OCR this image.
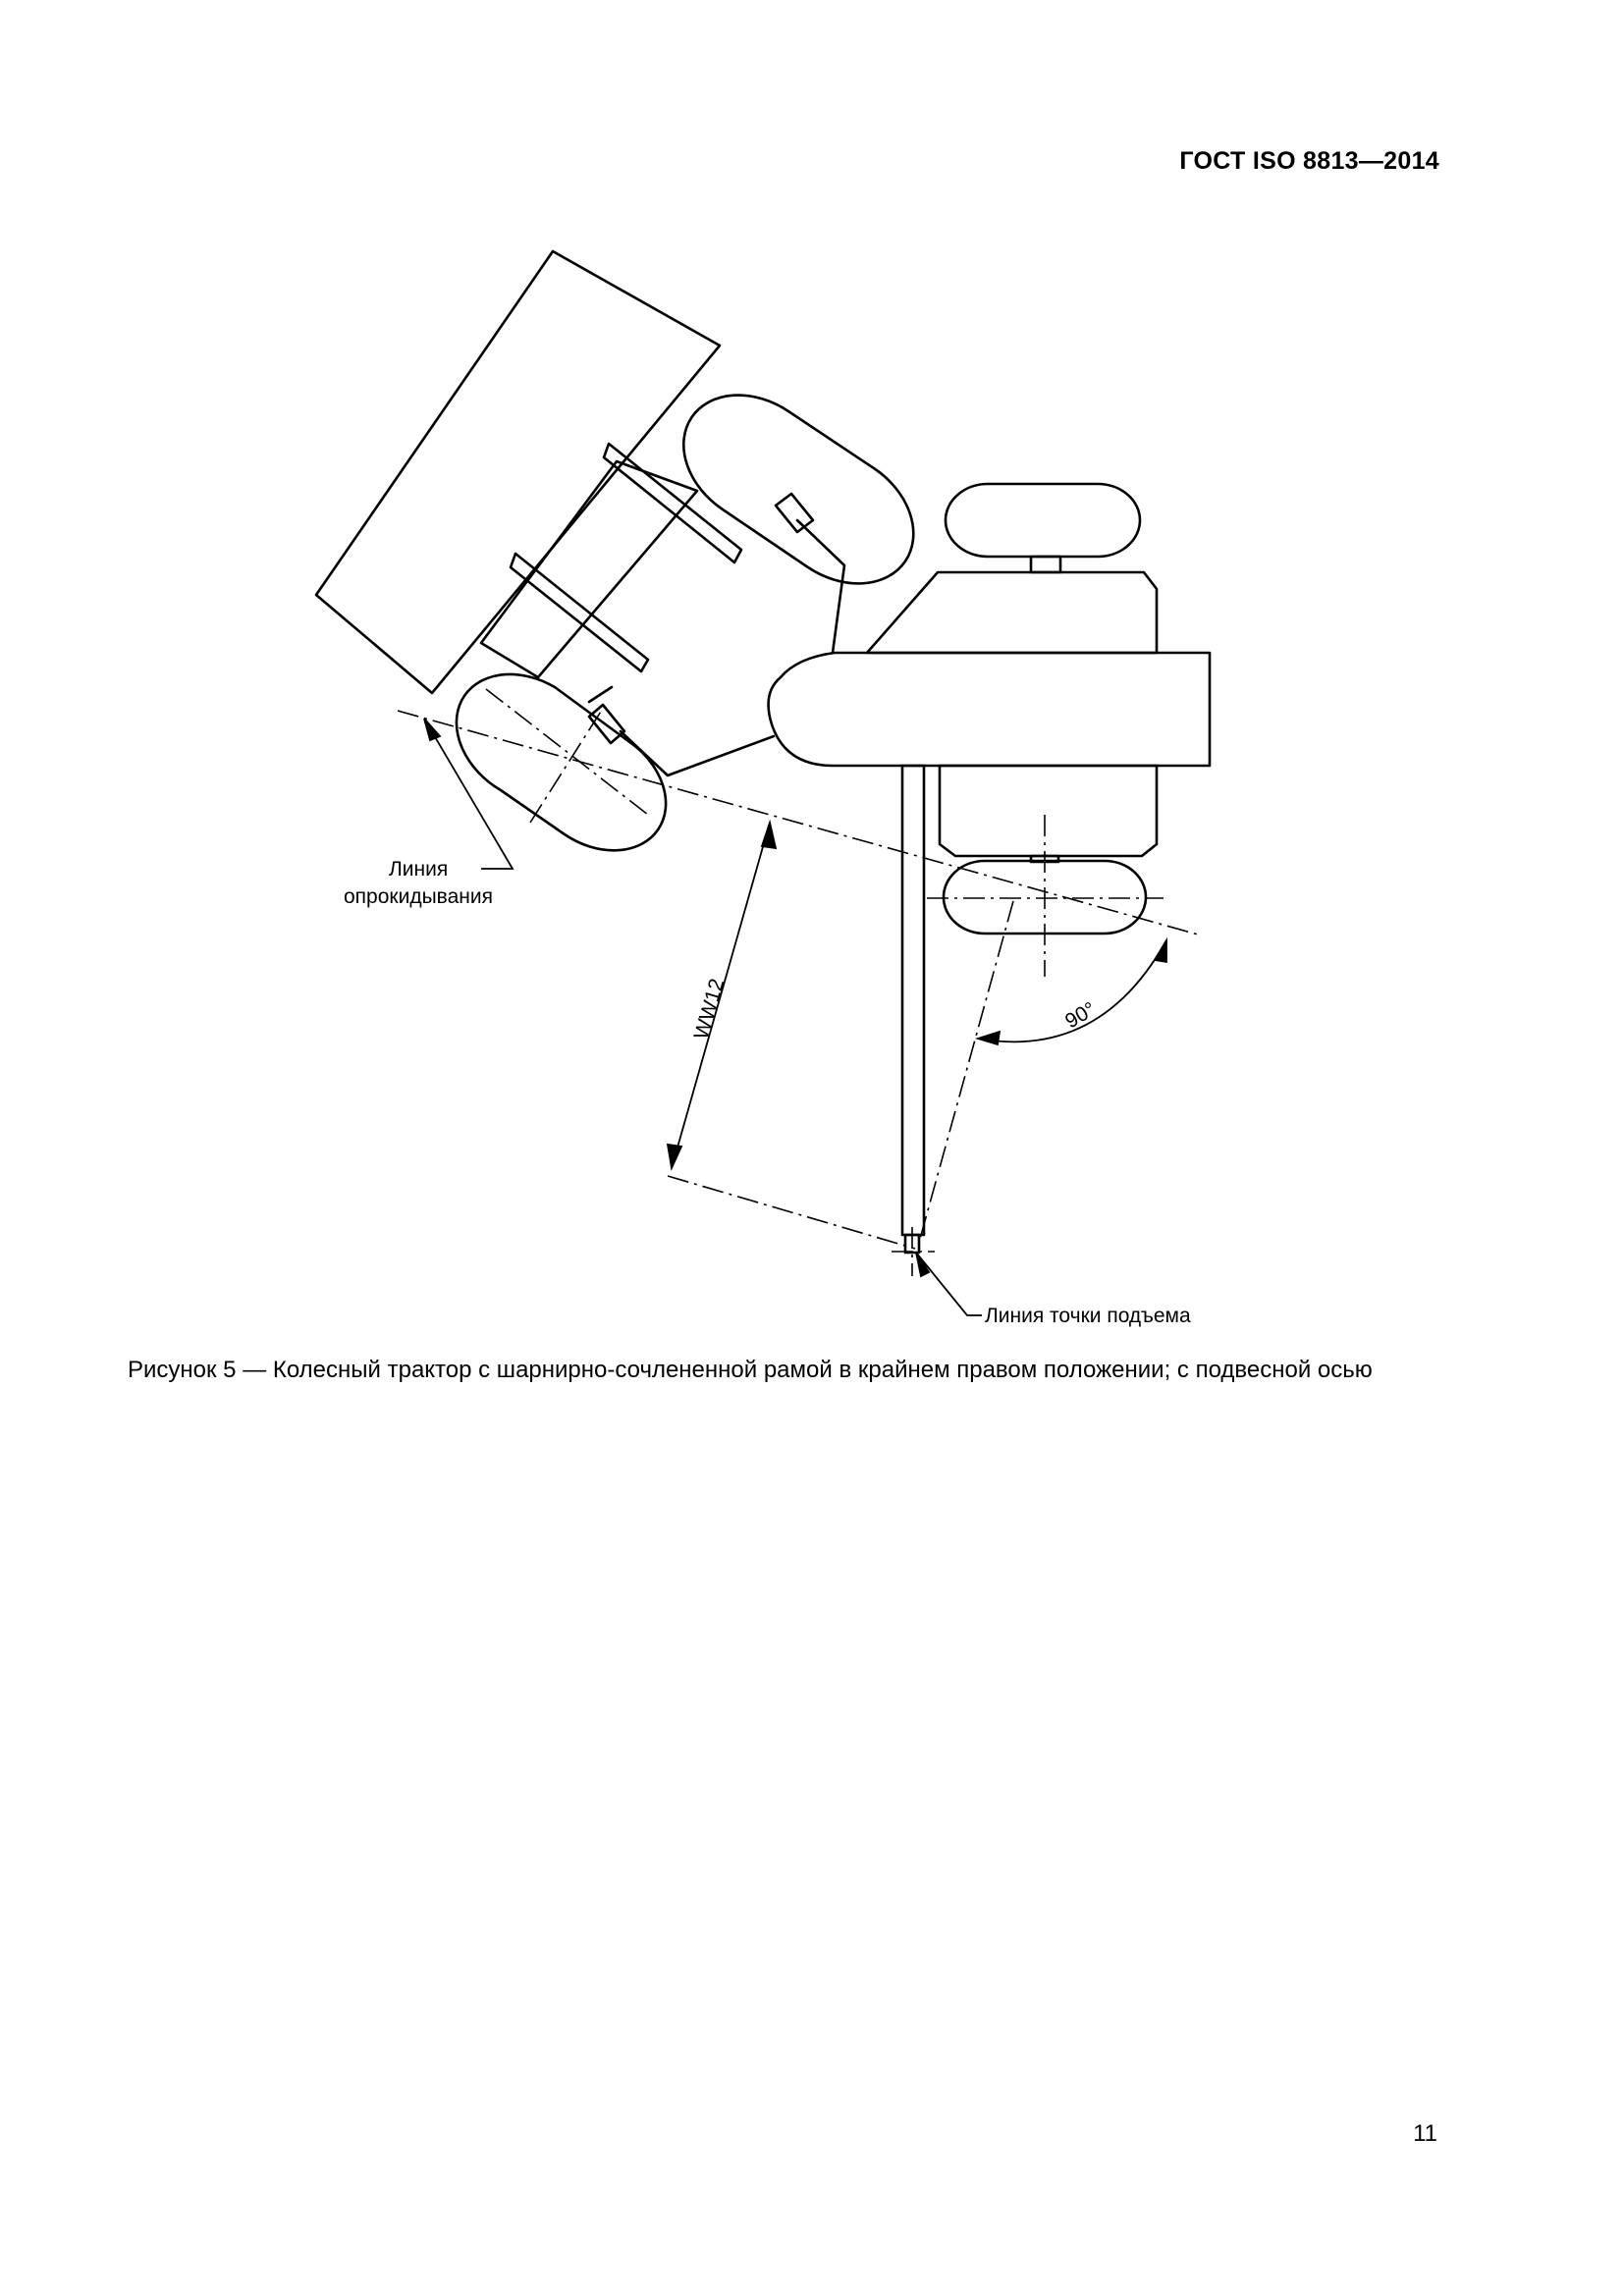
ГОСТ ISO 8813—2014
Линия
опрокидывания
WW12	90°
Линия точки подъема
Рисунок 5 — Колесный трактор с шарнирно-сочлененной рамой в крайнем правом положении; с подвесной осью
11
